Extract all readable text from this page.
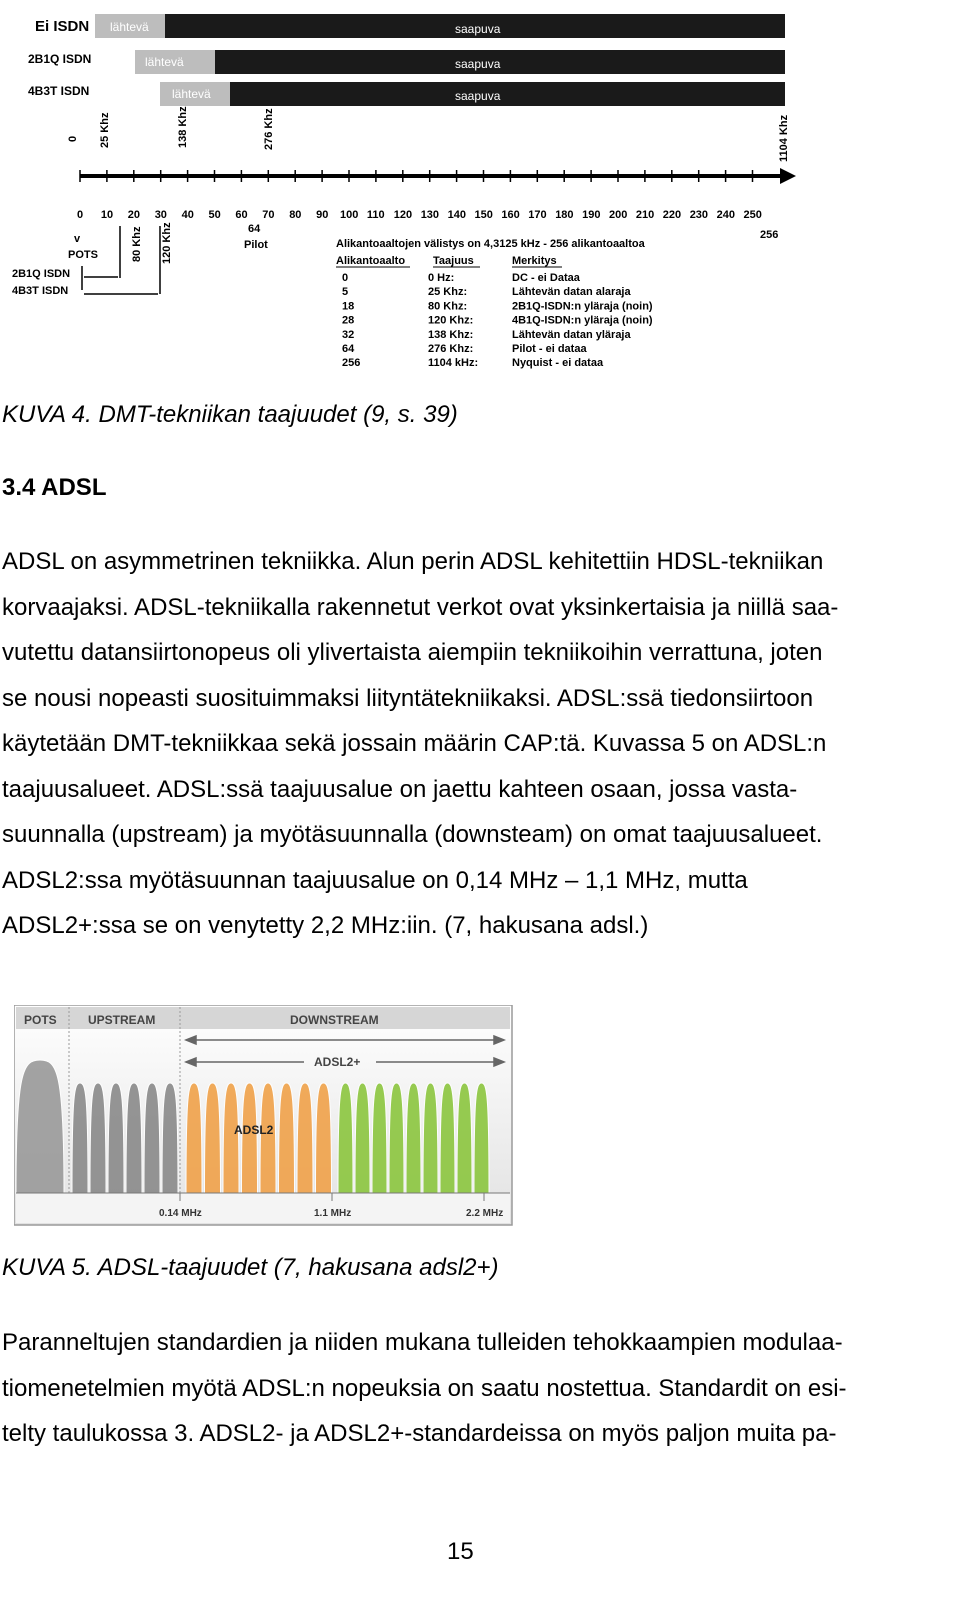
Ei ISDN lähtevä	saapuva
2B1Q ISDN	lähtevä	saapuva
4B3T ISDN	lähtevä	saapuva
0 25 Khz	138 Khz	276 Khz	1104 Khz
0 10 20 30 40 50 60 70 80 90 100 110 120 130 140 150 160 170 180 190 200 210 220 230 240 250
256
v
POTS
2B1Q ISDN
4B3T ISDN
80 Khz 120 Khz	64
Pilot	Alikantoaaltojen välistys on 4,3125 kHz - 256 alikantoaaltoa
Alikantoaalto	Taajuus	Merkitys
0	0 Hz:	DC - ei Dataa
5	25 Khz:	Lähtevän datan alaraja
18	80 Khz:	2B1Q-ISDN:n yläraja (noin)
28	120 Khz:	4B1Q-ISDN:n yläraja (noin)
32	138 Khz:	Lähtevän datan yläraja
64	276 Khz:	Pilot - ei dataa
256	1104 kHz:	Nyquist - ei dataa
KUVA 4. DMT-tekniikan taajuudet (9, s. 39)
3.4 ADSL

ADSL on asymmetrinen tekniikka. Alun perin ADSL kehitettiin HDSL-tekniikan

korvaajaksi. ADSL-tekniikalla rakennetut verkot ovat yksinkertaisia ja niillä saa-

vutettu datansiirtonopeus oli ylivertaista aiempiin tekniikoihin verrattuna, joten

se nousi nopeasti suosituimmaksi liityntätekniikaksi. ADSL:ssä tiedonsiirtoon

käytetään DMT-tekniikkaa sekä jossain määrin CAP:tä. Kuvassa 5 on ADSL:n

taajuusalueet. ADSL:ssä taajuusalue on jaettu kahteen osaan, jossa vasta-

suunnalla (upstream) ja myötäsuunnalla (downsteam) on omat taajuusalueet.

ADSL2:ssa myötäsuunnan taajuusalue on 0,14 MHz – 1,1 MHz, mutta

ADSL2+:ssa se on venytetty 2,2 MHz:iin. (7, hakusana adsl.)

POTS	UPSTREAM	DOWNSTREAM
ADSL2+
ADSL2
0.14 MHz	1.1 MHz	2.2 MHz
KUVA 5. ADSL-taajuudet (7, hakusana adsl2+)

Paranneltujen standardien ja niiden mukana tulleiden tehokkaampien modulaa-

tiomenetelmien myötä ADSL:n nopeuksia on saatu nostettua. Standardit on esi-

telty taulukossa 3. ADSL2- ja ADSL2+-standardeissa on myös paljon muita pa-

15
